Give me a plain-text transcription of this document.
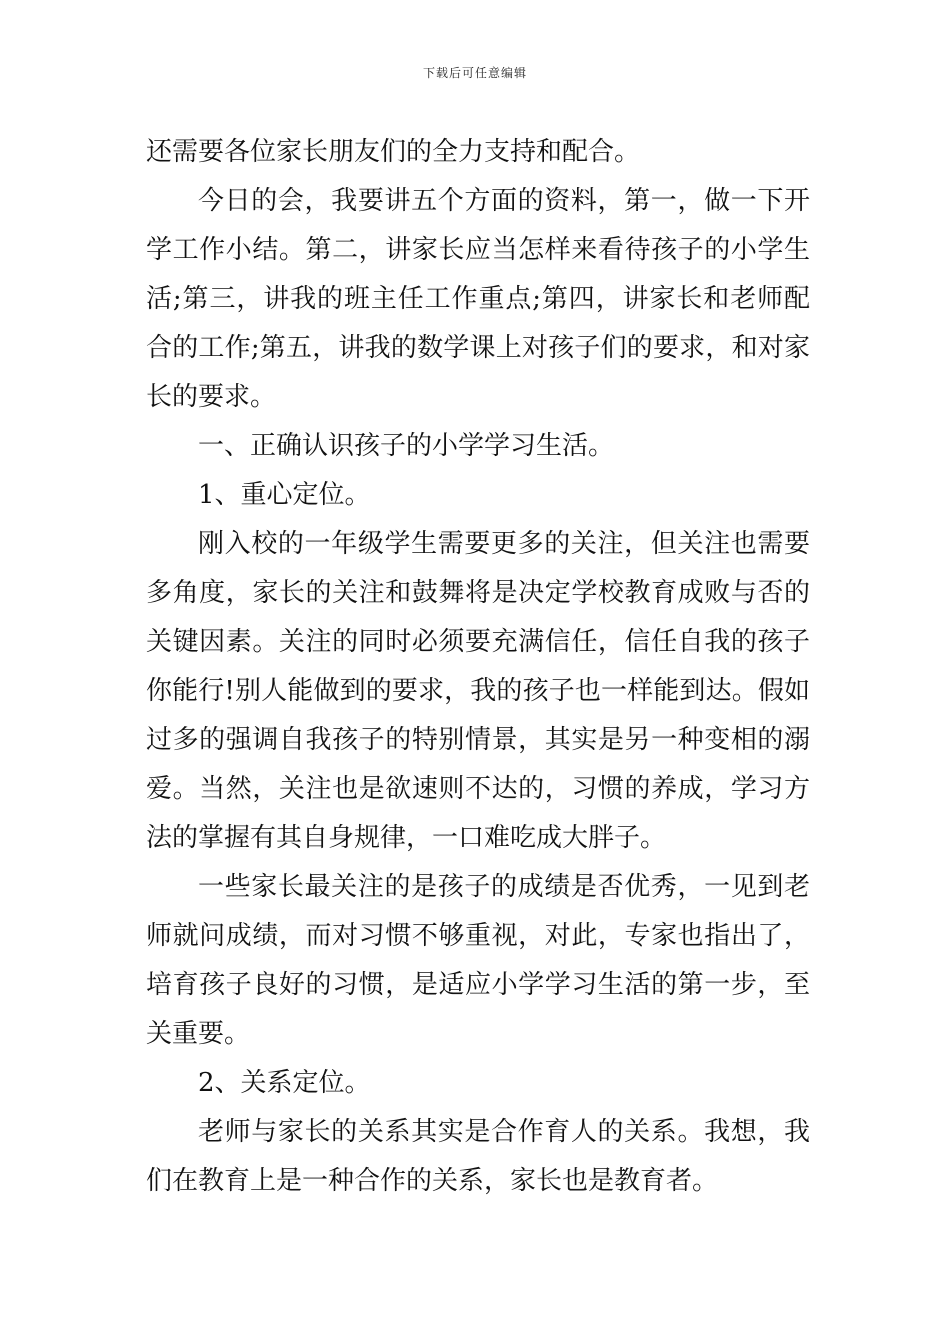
下载后可任意编辑

还需要各位家长朋友们的全力支持和配合。

今日的会，我要讲五个方面的资料，第一，做一下开学工作小结。第二，讲家长应当怎样来看待孩子的小学生活;第三，讲我的班主任工作重点;第四，讲家长和老师配合的工作;第五，讲我的数学课上对孩子们的要求，和对家长的要求。

一、正确认识孩子的小学学习生活。

1、重心定位。

刚入校的一年级学生需要更多的关注，但关注也需要多角度，家长的关注和鼓舞将是决定学校教育成败与否的关键因素。关注的同时必须要充满信任，信任自我的孩子你能行!别人能做到的要求，我的孩子也一样能到达。假如过多的强调自我孩子的特别情景，其实是另一种变相的溺爱。当然，关注也是欲速则不达的，习惯的养成，学习方法的掌握有其自身规律，一口难吃成大胖子。

一些家长最关注的是孩子的成绩是否优秀，一见到老师就问成绩，而对习惯不够重视，对此，专家也指出了，培育孩子良好的习惯，是适应小学学习生活的第一步，至关重要。

2、关系定位。

老师与家长的关系其实是合作育人的关系。我想，我们在教育上是一种合作的关系，家长也是教育者。
